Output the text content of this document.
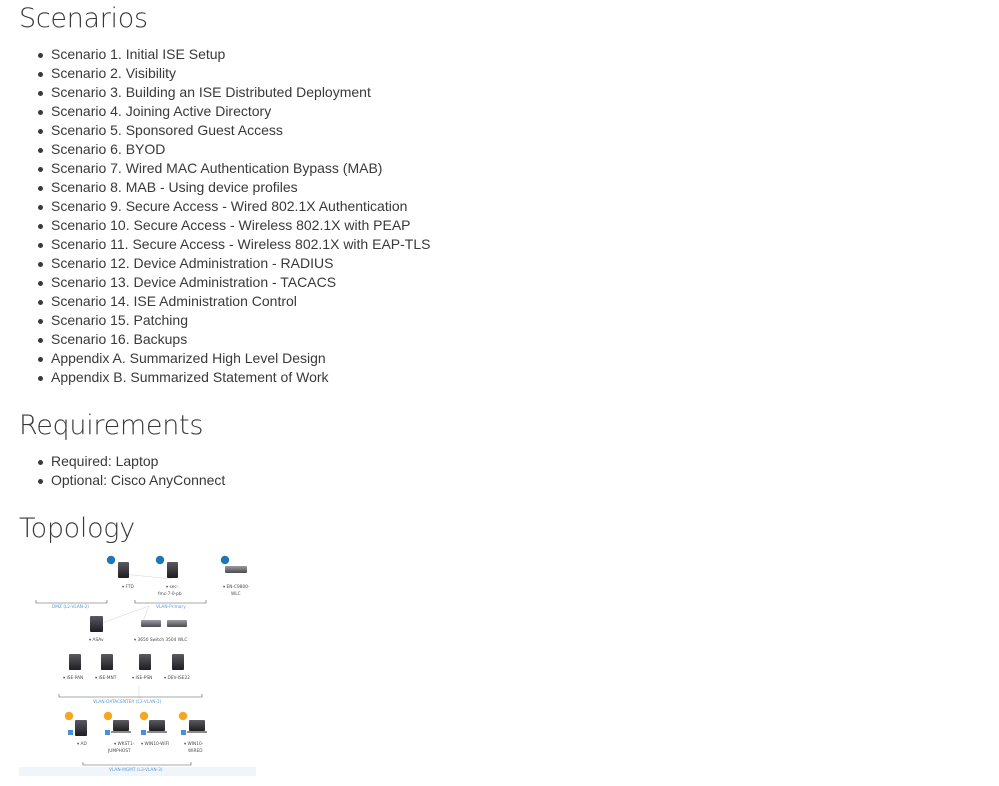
Scenarios
Scenario 1. Initial ISE Setup
Scenario 2. Visibility
Scenario 3. Building an ISE Distributed Deployment
Scenario 4. Joining Active Directory
Scenario 5. Sponsored Guest Access
Scenario 6. BYOD
Scenario 7. Wired MAC Authentication Bypass (MAB)
Scenario 8. MAB - Using device profiles
Scenario 9. Secure Access - Wired 802.1X Authentication
Scenario 10. Secure Access - Wireless 802.1X with PEAP
Scenario 11. Secure Access - Wireless 802.1X with EAP-TLS
Scenario 12. Device Administration - RADIUS
Scenario 13. Device Administration - TACACS
Scenario 14. ISE Administration Control
Scenario 15. Patching
Scenario 16. Backups
Appendix A. Summarized High Level Design
Appendix B. Summarized Statement of Work
Requirements
Required: Laptop
Optional: Cisco AnyConnect
Topology
▾ FTD	▾ sec-
fmc-7-0-pb
▾ EN-C9800-
WLC
DMZ (L2-VLAN-2)	VLAN-Primary
▾ ASAv	▾ 3650 Switch 3504 WLC
▾ ISE-PAN	▾ ISE-MNT	▾ ISE-PSN	▾ DEV-ISE22
VLAN-DATACENTER (L2-VLAN-1)
▾ AD	▾ WKST1-
JUMPHOST
▾ WIN10-WIFI	▾ WIN10-
WIRED
VLAN-MGMT (L3-VLAN-3)
